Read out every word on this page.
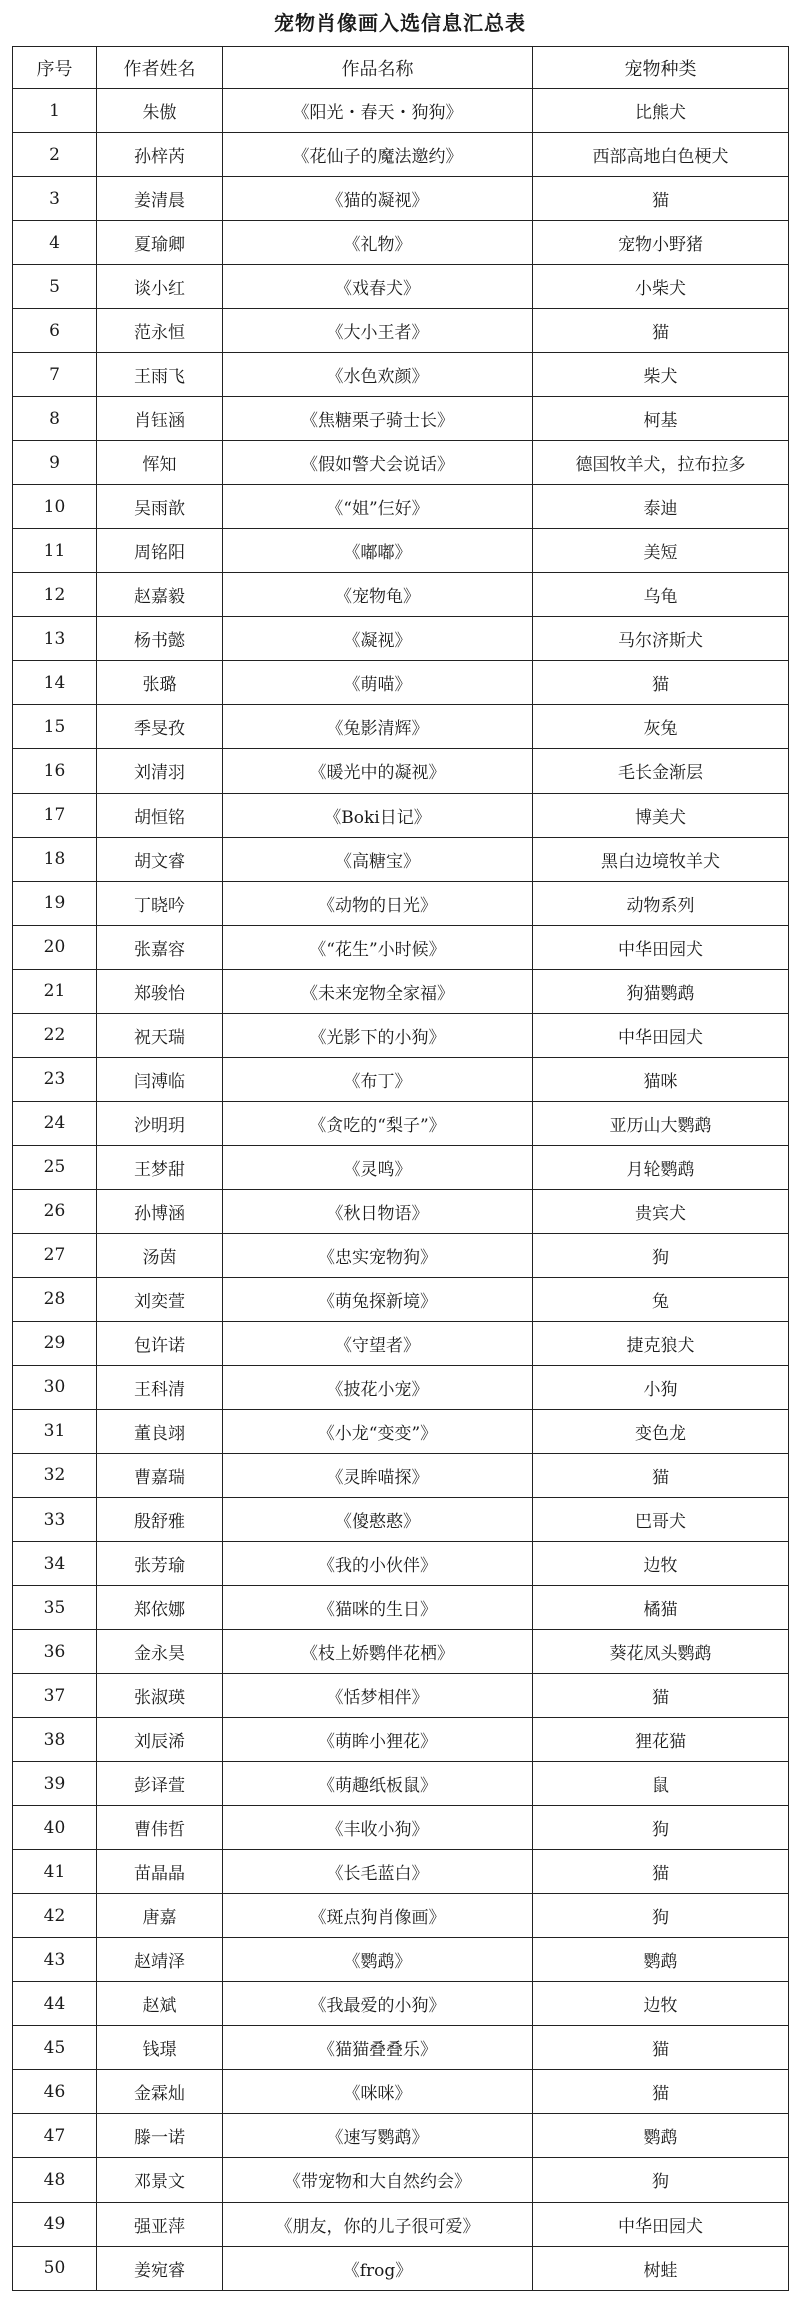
宠物肖像画入选信息汇总表
序号	作者姓名	作品名称	宠物种类
1	朱傲	《阳光・春天・狗狗》	比熊犬
2	孙梓芮	《花仙子的魔法邀约》	西部高地白色梗犬
3	姜清晨	《猫的凝视》	猫
4	夏瑜卿	《礼物》	宠物小野猪
5	谈小红	《戏春犬》	小柴犬
6	范永恒	《大小王者》	猫
7	王雨飞	《水色欢颜》	柴犬
8	肖钰涵	《焦糖栗子骑士长》	柯基
9	恽知	《假如警犬会说话》	德国牧羊犬，拉布拉多
10	吴雨歆	《“姐”仨好》	泰迪
11	周铭阳	《嘟嘟》	美短
12	赵嘉毅	《宠物龟》	乌龟
13	杨书懿	《凝视》	马尔济斯犬
14	张璐	《萌喵》	猫
15	季旻孜	《兔影清辉》	灰兔
16	刘清羽	《暖光中的凝视》	毛长金渐层
17	胡恒铭	《Boki日记》	博美犬
18	胡文睿	《高糖宝》	黑白边境牧羊犬
19	丁晓吟	《动物的日光》	动物系列
20	张嘉容	《“花生”小时候》	中华田园犬
21	郑骏怡	《未来宠物全家福》	狗猫鹦鹉
22	祝天瑞	《光影下的小狗》	中华田园犬
23	闫溥临	《布丁》	猫咪
24	沙明玥	《贪吃的“梨子”》	亚历山大鹦鹉
25	王梦甜	《灵鸣》	月轮鹦鹉
26	孙博涵	《秋日物语》	贵宾犬
27	汤茵	《忠实宠物狗》	狗
28	刘奕萱	《萌兔探新境》	兔
29	包许诺	《守望者》	捷克狼犬
30	王科清	《披花小宠》	小狗
31	董良翊	《小龙“变变”》	变色龙
32	曹嘉瑞	《灵眸喵探》	猫
33	殷舒雅	《傻憨憨》	巴哥犬
34	张芳瑜	《我的小伙伴》	边牧
35	郑依娜	《猫咪的生日》	橘猫
36	金永昊	《枝上娇鹦伴花栖》	葵花凤头鹦鹉
37	张淑瑛	《恬梦相伴》	猫
38	刘辰浠	《萌眸小狸花》	狸花猫
39	彭译萱	《萌趣纸板鼠》	鼠
40	曹伟哲	《丰收小狗》	狗
41	苗晶晶	《长毛蓝白》	猫
42	唐嘉	《斑点狗肖像画》	狗
43	赵靖泽	《鹦鹉》	鹦鹉
44	赵斌	《我最爱的小狗》	边牧
45	钱璟	《猫猫叠叠乐》	猫
46	金霖灿	《咪咪》	猫
47	滕一诺	《速写鹦鹉》	鹦鹉
48	邓景文	《带宠物和大自然约会》	狗
49	强亚萍	《朋友，你的儿子很可爱》	中华田园犬
50	姜宛睿	《frog》	树蛙
